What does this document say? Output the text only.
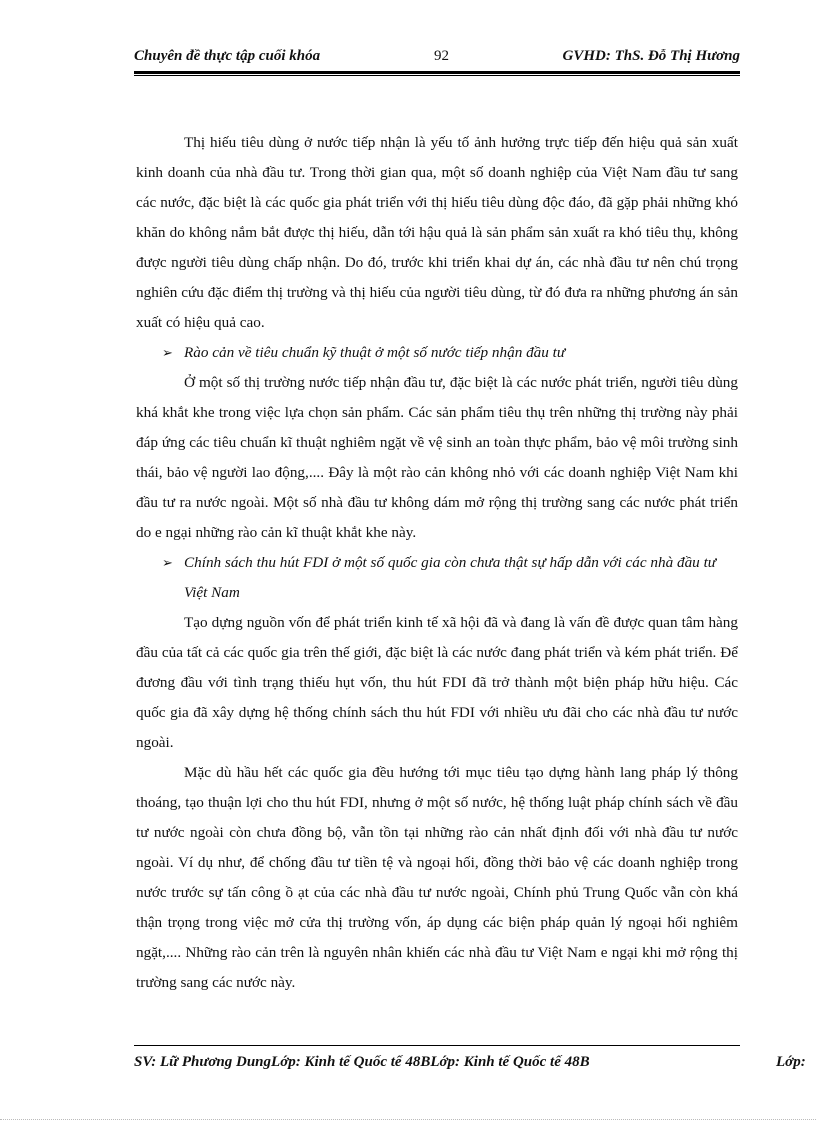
Chuyên đề thực tập cuối khóa	92	GVHD: ThS. Đỗ Thị Hương

Thị hiếu tiêu dùng ở nước tiếp nhận là yếu tố ảnh hưởng trực tiếp đến hiệu quả sản xuất kinh doanh của nhà đầu tư. Trong thời gian qua, một số doanh nghiệp của Việt Nam đầu tư sang các nước, đặc biệt là các quốc gia phát triển với thị hiếu tiêu dùng độc đáo, đã gặp phải những khó khăn do không nắm bắt được thị hiếu, dẫn tới hậu quả là sản phẩm sản xuất ra khó tiêu thụ, không được người tiêu dùng chấp nhận. Do đó, trước khi triển khai dự án, các nhà đầu tư nên chú trọng nghiên cứu đặc điểm thị trường và thị hiếu của người tiêu dùng, từ đó đưa ra những phương án sản xuất có hiệu quả cao.

➢ Rào cản về tiêu chuẩn kỹ thuật ở một số nước tiếp nhận đầu tư

Ở một số thị trường nước tiếp nhận đầu tư, đặc biệt là các nước phát triển, người tiêu dùng khá khắt khe trong việc lựa chọn sản phẩm. Các sản phẩm tiêu thụ trên những thị trường này phải đáp ứng các tiêu chuẩn kĩ thuật nghiêm ngặt về vệ sinh an toàn thực phẩm, bảo vệ môi trường sinh thái, bảo vệ người lao động,.... Đây là một rào cản không nhỏ với các doanh nghiệp Việt Nam khi đầu tư ra nước ngoài. Một số nhà đầu tư không dám mở rộng thị trường sang các nước phát triển do e ngại những rào cản kĩ thuật khắt khe này.

➢ Chính sách thu hút FDI ở một số quốc gia còn chưa thật sự hấp dẫn với các nhà đầu tư Việt Nam

Tạo dựng nguồn vốn để phát triển kinh tế xã hội đã và đang là vấn đề được quan tâm hàng đầu của tất cả các quốc gia trên thế giới, đặc biệt là các nước đang phát triển và kém phát triển. Để đương đầu với tình trạng thiếu hụt vốn, thu hút FDI đã trở thành một biện pháp hữu hiệu. Các quốc gia đã xây dựng hệ thống chính sách thu hút FDI với nhiều ưu đãi cho các nhà đầu tư nước ngoài.

Mặc dù hầu hết các quốc gia đều hướng tới mục tiêu tạo dựng hành lang pháp lý thông thoáng, tạo thuận lợi cho thu hút FDI, nhưng ở một số nước, hệ thống luật pháp chính sách về đầu tư nước ngoài còn chưa đồng bộ, vẫn tồn tại những rào cản nhất định đối với nhà đầu tư nước ngoài. Ví dụ như, để chống đầu tư tiền tệ và ngoại hối, đồng thời bảo vệ các doanh nghiệp trong nước trước sự tấn công ồ ạt của các nhà đầu tư nước ngoài, Chính phủ Trung Quốc vẫn còn khá thận trọng trong việc mở cửa thị trường vốn, áp dụng các biện pháp quản lý ngoại hối nghiêm ngặt,.... Những rào cản trên là nguyên nhân khiến các nhà đầu tư Việt Nam e ngại khi mở rộng thị trường sang các nước này.

SV: Lữ Phương DungLớp: Kinh tế Quốc tế 48BLớp: Kinh tế Quốc tế 48B	Lớp:
